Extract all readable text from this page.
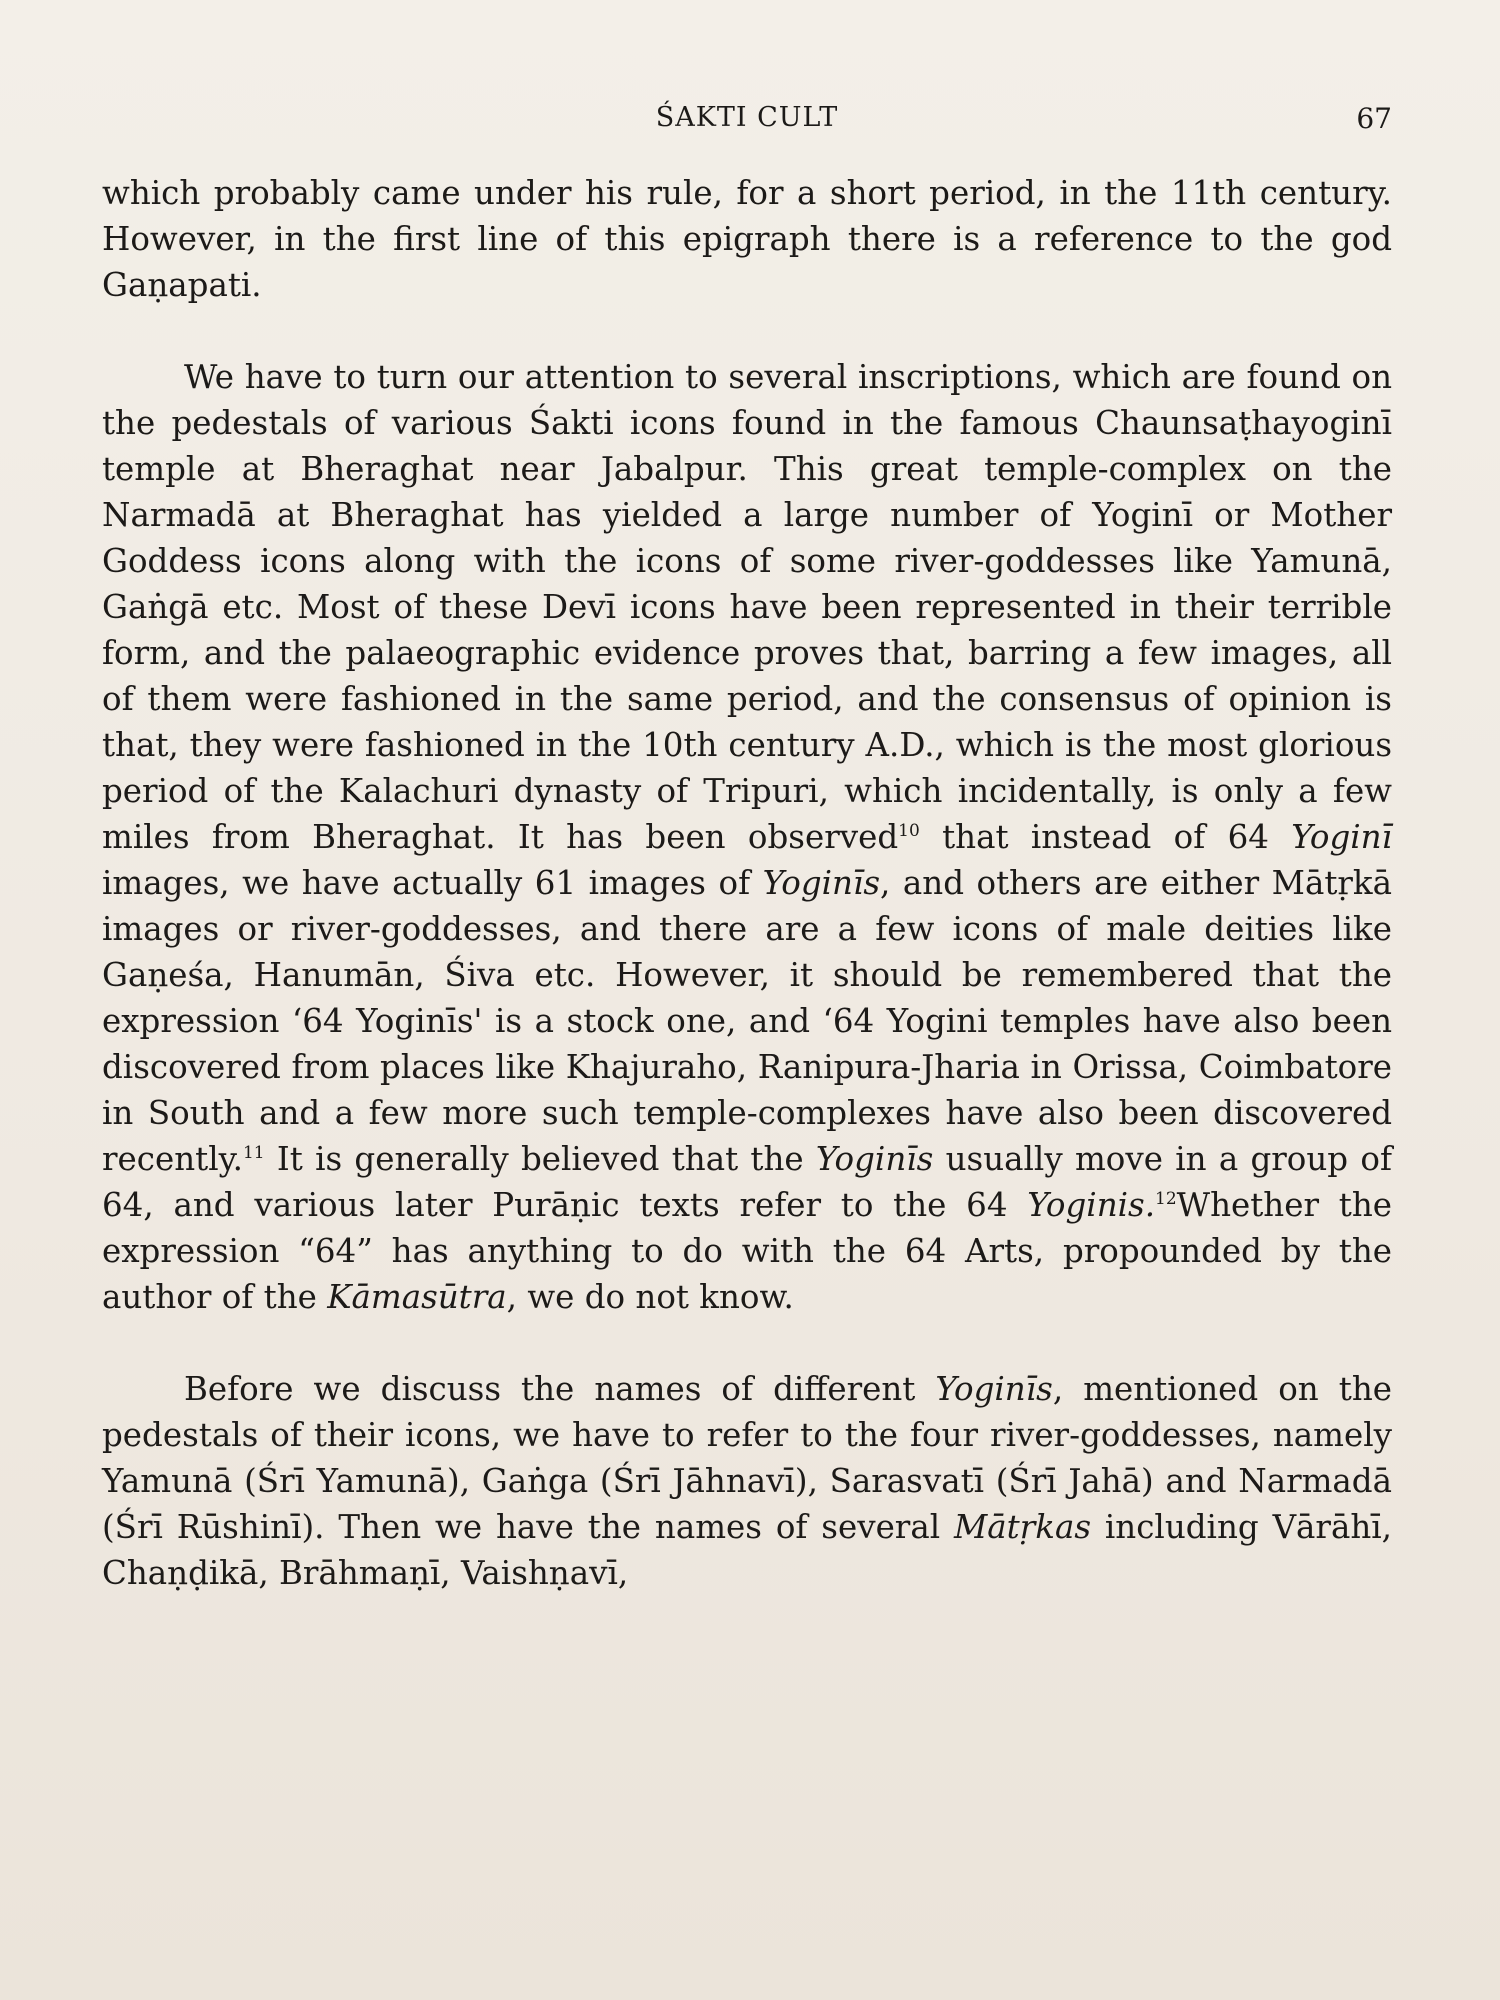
ŚAKTI CULT	67

which probably came under his rule, for a short period, in the 11th century. However, in the first line of this epigraph there is a reference to the god Gaṇapati.

We have to turn our attention to several inscriptions, which are found on the pedestals of various Śakti icons found in the famous Chaunsaṭhayoginī temple at Bheraghat near Jabalpur. This great temple-complex on the Narmadā at Bheraghat has yielded a large number of Yoginī or Mother Goddess icons along with the icons of some river-goddesses like Yamunā, Gaṅgā etc. Most of these Devī icons have been represented in their terrible form, and the palaeographic evidence proves that, barring a few images, all of them were fashioned in the same period, and the consensus of opinion is that, they were fashioned in the 10th century A.D., which is the most glorious period of the Kalachuri dynasty of Tripuri, which incidentally, is only a few miles from Bheraghat. It has been observed$^{10}$ that instead of 64 Yoginī images, we have actually 61 images of Yoginīs, and others are either Mātṛkā images or river-goddesses, and there are a few icons of male deities like Gaṇeśa, Hanumān, Śiva etc. However, it should be remembered that the expression ‘64 Yoginīs' is a stock one, and ‘64 Yogini temples have also been discovered from places like Khajuraho, Ranipura-Jharia in Orissa, Coimbatore in South and a few more such temple-complexes have also been discovered recently.$^{11}$ It is generally believed that the Yoginīs usually move in a group of 64, and various later Purāṇic texts refer to the 64 Yoginis.$^{12}$Whether the expression “64” has anything to do with the 64 Arts, propounded by the author of the Kāmasūtra, we do not know.

Before we discuss the names of different Yoginīs, mentioned on the pedestals of their icons, we have to refer to the four river-goddesses, namely Yamunā (Śrī Yamunā), Gaṅga (Śrī Jāhnavī), Sarasvatī (Śrī Jahā) and Narmadā (Śrī Rūshinī). Then we have the names of several Mātṛkas including Vārāhī, Chaṇḍikā, Brāhmaṇī, Vaishṇavī,
